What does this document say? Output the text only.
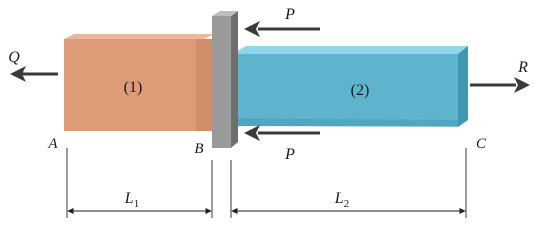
(1)	(2)
Q
R
P
P
A	B	C
$L_1$	$L_2$
